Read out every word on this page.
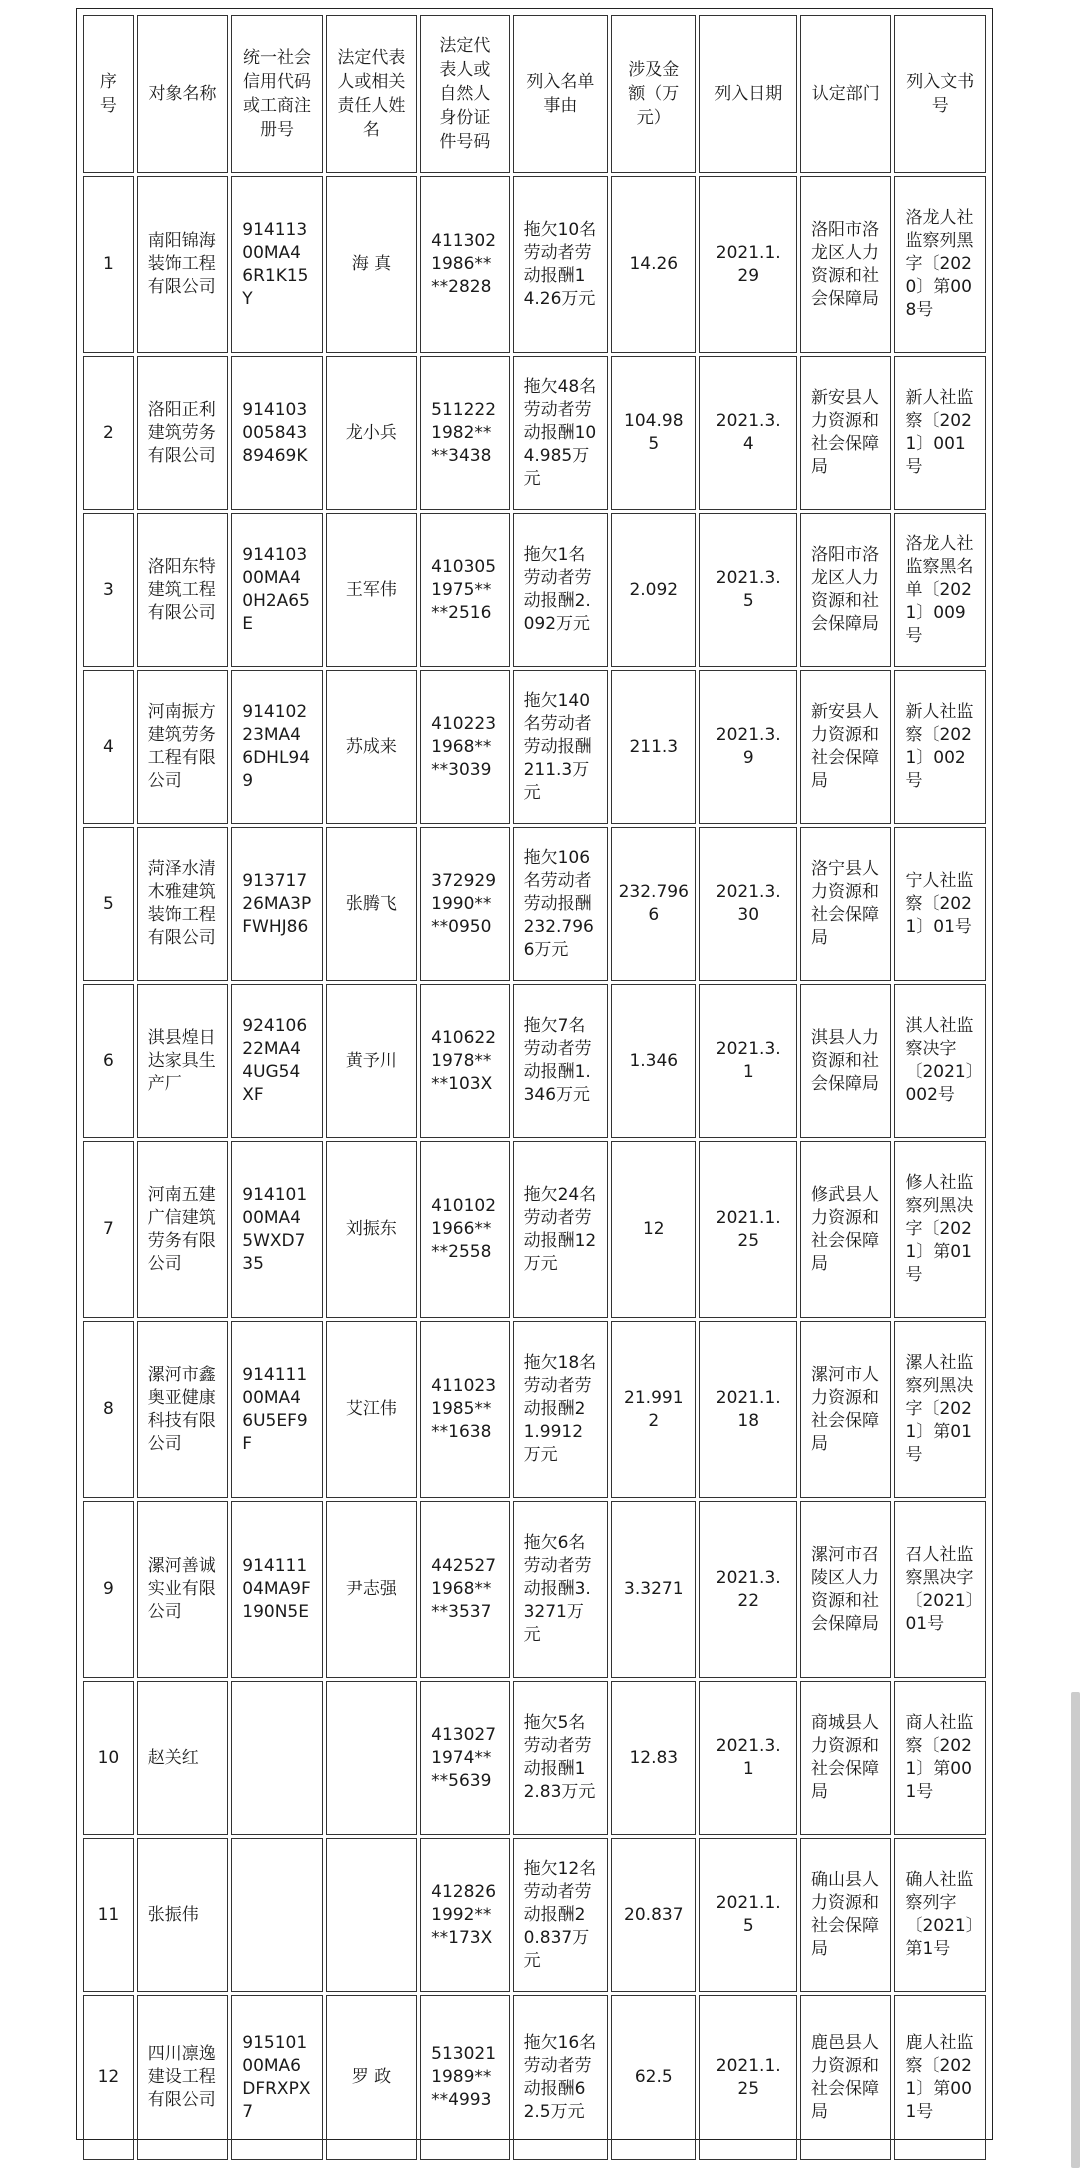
序号	对象名称	统一社会信用代码或工商注册号	法定代表人或相关责任人姓名	法定代表人或自然人身份证件号码	列入名单事由	涉及金额（万元）	列入日期	认定部门	列入文书号
1	南阳锦海装饰工程有限公司	91411300MA46R1K15Y	海 真	4113021986****2828	拖欠10名劳动者劳动报酬14.26万元	14.26	2021.1.29	洛阳市洛龙区人力资源和社会保障局	洛龙人社监察列黑字〔2020〕第008号
2	洛阳正利建筑劳务有限公司	91410300584389469K	龙小兵	5112221982****3438	拖欠48名劳动者劳动报酬104.985万元	104.985	2021.3.4	新安县人力资源和社会保障局	新人社监察〔2021〕001号
3	洛阳东特建筑工程有限公司	91410300MA40H2A65E	王军伟	4103051975****2516	拖欠1名劳动者劳动报酬2.092万元	2.092	2021.3.5	洛阳市洛龙区人力资源和社会保障局	洛龙人社监察黑名单〔2021〕009号
4	河南振方建筑劳务工程有限公司	91410223MA46DHL949	苏成来	4102231968****3039	拖欠140名劳动者劳动报酬211.3万元	211.3	2021.3.9	新安县人力资源和社会保障局	新人社监察〔2021〕002号
5	菏泽水清木雅建筑装饰工程有限公司	91371726MA3PFWHJ86	张腾飞	3729291990****0950	拖欠106名劳动者劳动报酬232.7966万元	232.7966	2021.3.30	洛宁县人力资源和社会保障局	宁人社监察〔2021〕01号
6	淇县煌日达家具生产厂	92410622MA44UG54XF	黄予川	4106221978****103X	拖欠7名劳动者劳动报酬1.346万元	1.346	2021.3.1	淇县人力资源和社会保障局	淇人社监察决字〔2021〕002号
7	河南五建广信建筑劳务有限公司	91410100MA45WXD735	刘振东	4101021966****2558	拖欠24名劳动者劳动报酬12万元	12	2021.1.25	修武县人力资源和社会保障局	修人社监察列黑决字〔2021〕第01号
8	漯河市鑫奥亚健康科技有限公司	91411100MA46U5EF9F	艾江伟	4110231985****1638	拖欠18名劳动者劳动报酬21.9912万元	21.9912	2021.1.18	漯河市人力资源和社会保障局	漯人社监察列黑决字〔2021〕第01号
9	漯河善诚实业有限公司	91411104MA9F190N5E	尹志强	4425271968****3537	拖欠6名劳动者劳动报酬3.3271万元	3.3271	2021.3.22	漯河市召陵区人力资源和社会保障局	召人社监察黑决字〔2021〕01号
10	赵关红			4130271974****5639	拖欠5名劳动者劳动报酬12.83万元	12.83	2021.3.1	商城县人力资源和社会保障局	商人社监察〔2021〕第001号
11	张振伟			4128261992****173X	拖欠12名劳动者劳动报酬20.837万元	20.837	2021.1.5	确山县人力资源和社会保障局	确人社监察列字〔2021〕第1号
12	四川凛逸建设工程有限公司	91510100MA6DFRXPX7	罗 政	5130211989****4993	拖欠16名劳动者劳动报酬62.5万元	62.5	2021.1.25	鹿邑县人力资源和社会保障局	鹿人社监察〔2021〕第001号
